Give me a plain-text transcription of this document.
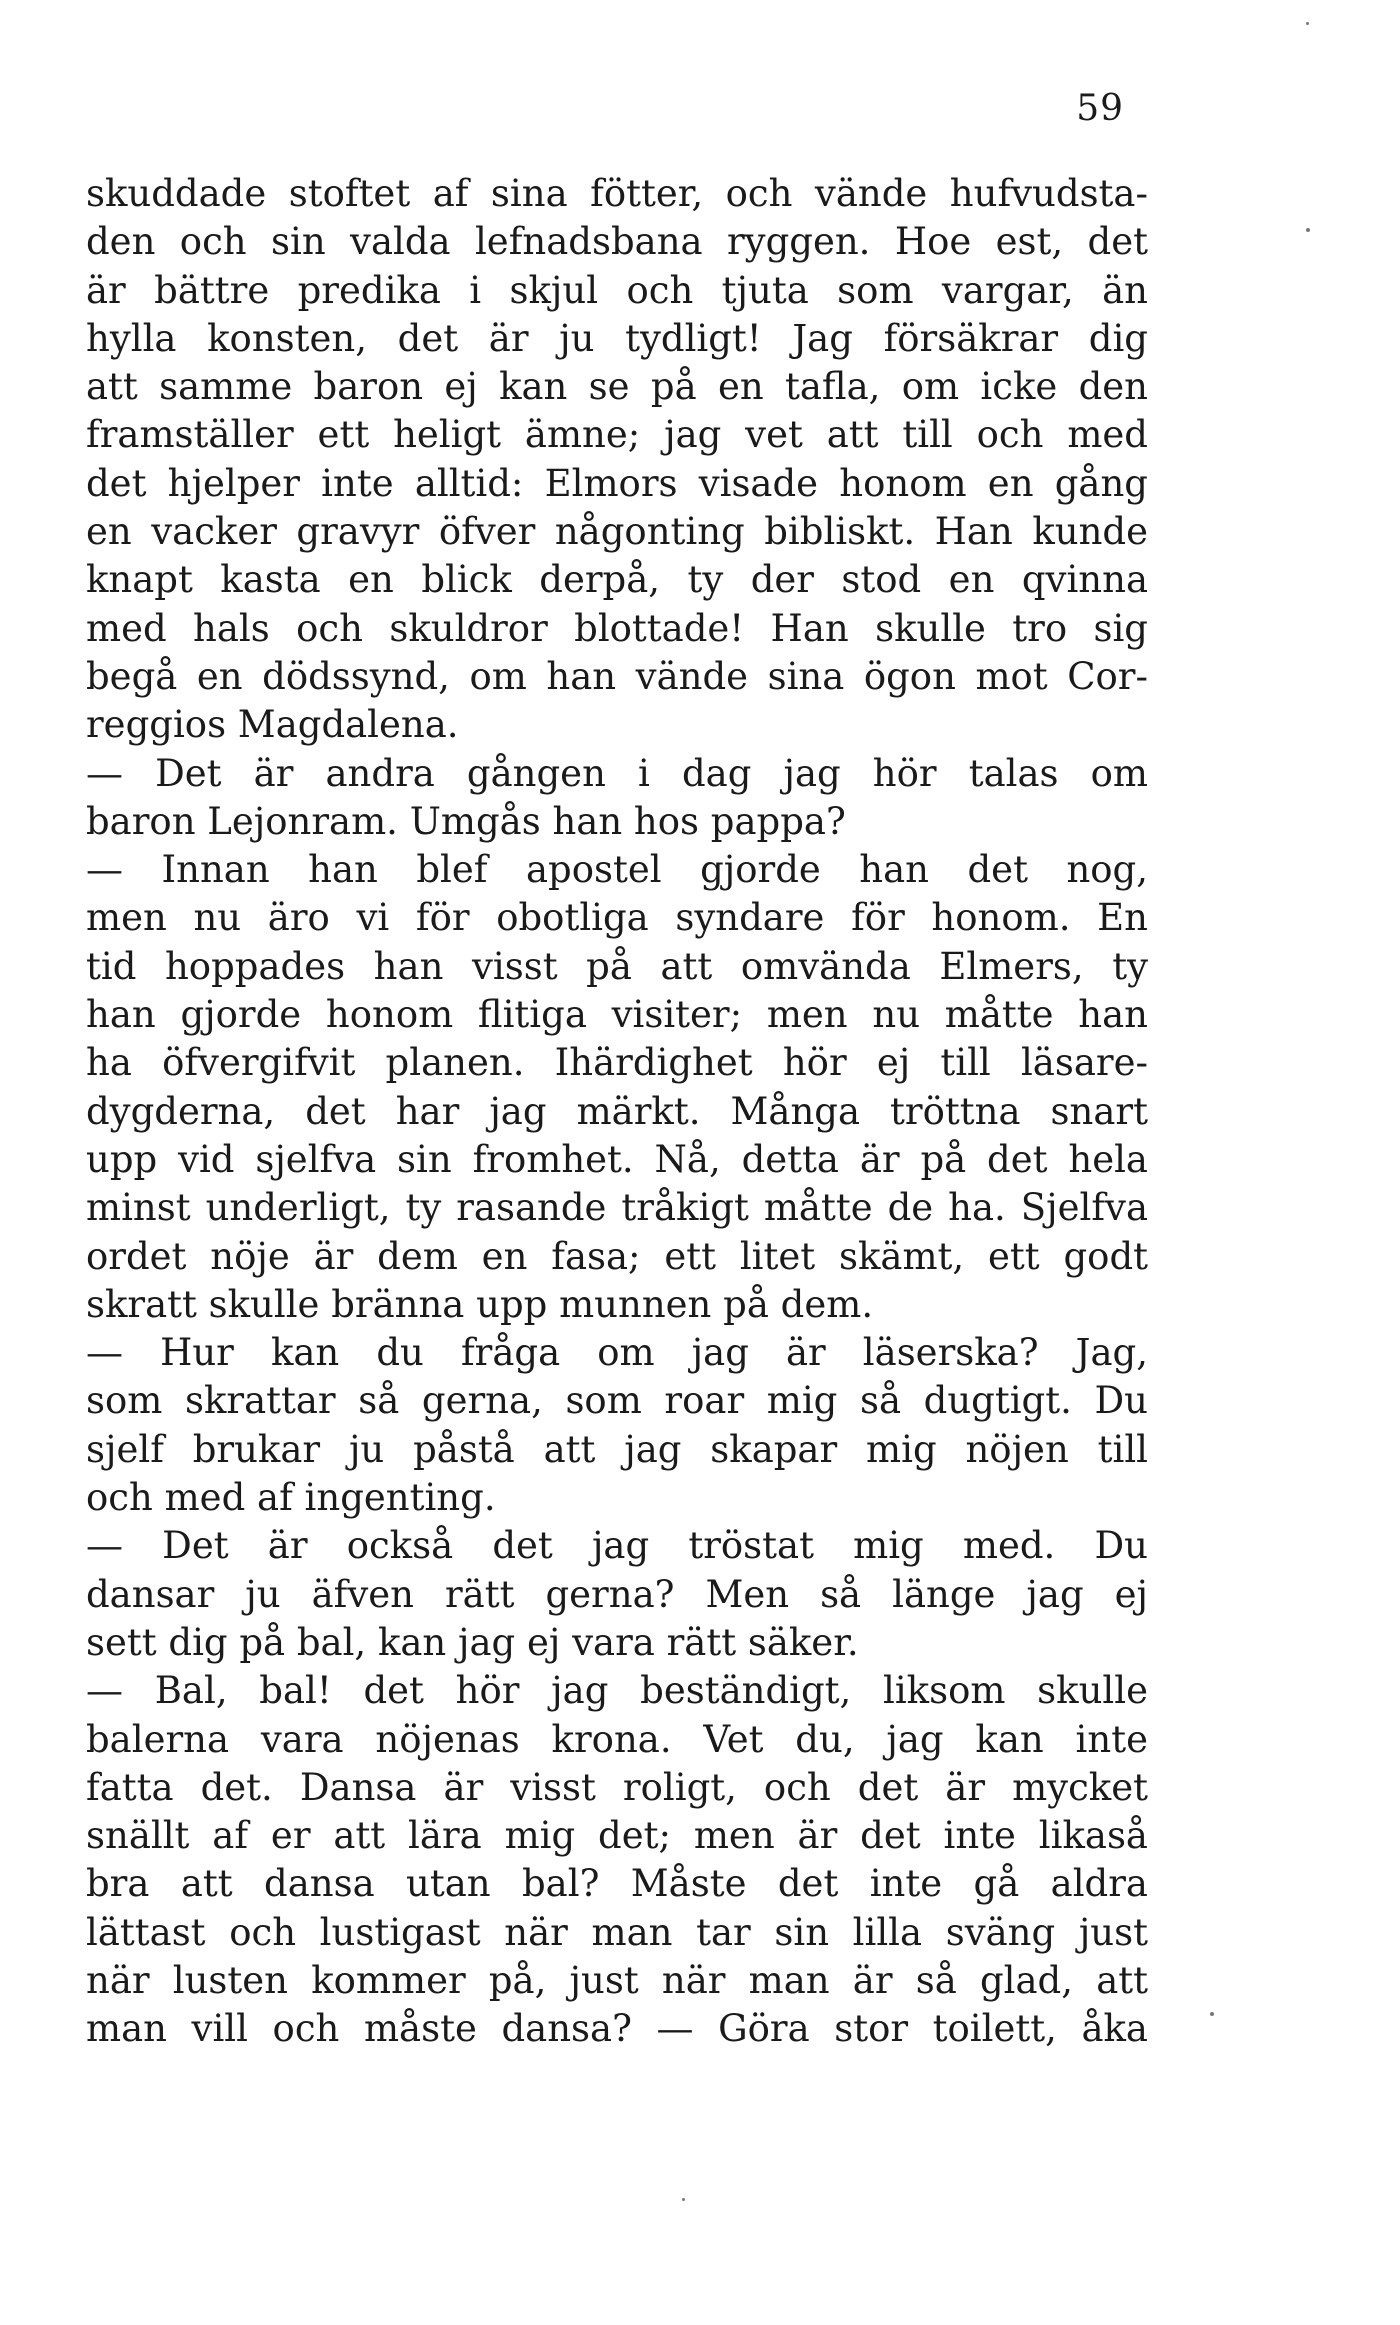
59
skuddade stoftet af sina fötter, och vände hufvudsta-
den och sin valda lefnadsbana ryggen. Hoe est, det
är bättre predika i skjul och tjuta som vargar, än
hylla konsten, det är ju tydligt! Jag försäkrar dig
att samme baron ej kan se på en tafla, om icke den
framställer ett heligt ämne; jag vet att till och med
det hjelper inte alltid: Elmors visade honom en gång
en vacker gravyr öfver någonting bibliskt. Han kunde
knapt kasta en blick derpå, ty der stod en qvinna
med hals och skuldror blottade! Han skulle tro sig
begå en dödssynd, om han vände sina ögon mot Cor-
reggios Magdalena.
— Det är andra gången i dag jag hör talas om
baron Lejonram. Umgås han hos pappa?
— Innan han blef apostel gjorde han det nog,
men nu äro vi för obotliga syndare för honom. En
tid hoppades han visst på att omvända Elmers, ty
han gjorde honom flitiga visiter; men nu måtte han
ha öfvergifvit planen. Ihärdighet hör ej till läsare-
dygderna, det har jag märkt. Många tröttna snart
upp vid sjelfva sin fromhet. Nå, detta är på det hela
minst underligt, ty rasande tråkigt måtte de ha. Sjelfva
ordet nöje är dem en fasa; ett litet skämt, ett godt
skratt skulle bränna upp munnen på dem.
— Hur kan du fråga om jag är läserska? Jag,
som skrattar så gerna, som roar mig så dugtigt. Du
sjelf brukar ju påstå att jag skapar mig nöjen till
och med af ingenting.
— Det är också det jag tröstat mig med. Du
dansar ju äfven rätt gerna? Men så länge jag ej
sett dig på bal, kan jag ej vara rätt säker.
— Bal, bal! det hör jag beständigt, liksom skulle
balerna vara nöjenas krona. Vet du, jag kan inte
fatta det. Dansa är visst roligt, och det är mycket
snällt af er att lära mig det; men är det inte likaså
bra att dansa utan bal? Måste det inte gå aldra
lättast och lustigast när man tar sin lilla sväng just
när lusten kommer på, just när man är så glad, att
man vill och måste dansa? — Göra stor toilett, åka
